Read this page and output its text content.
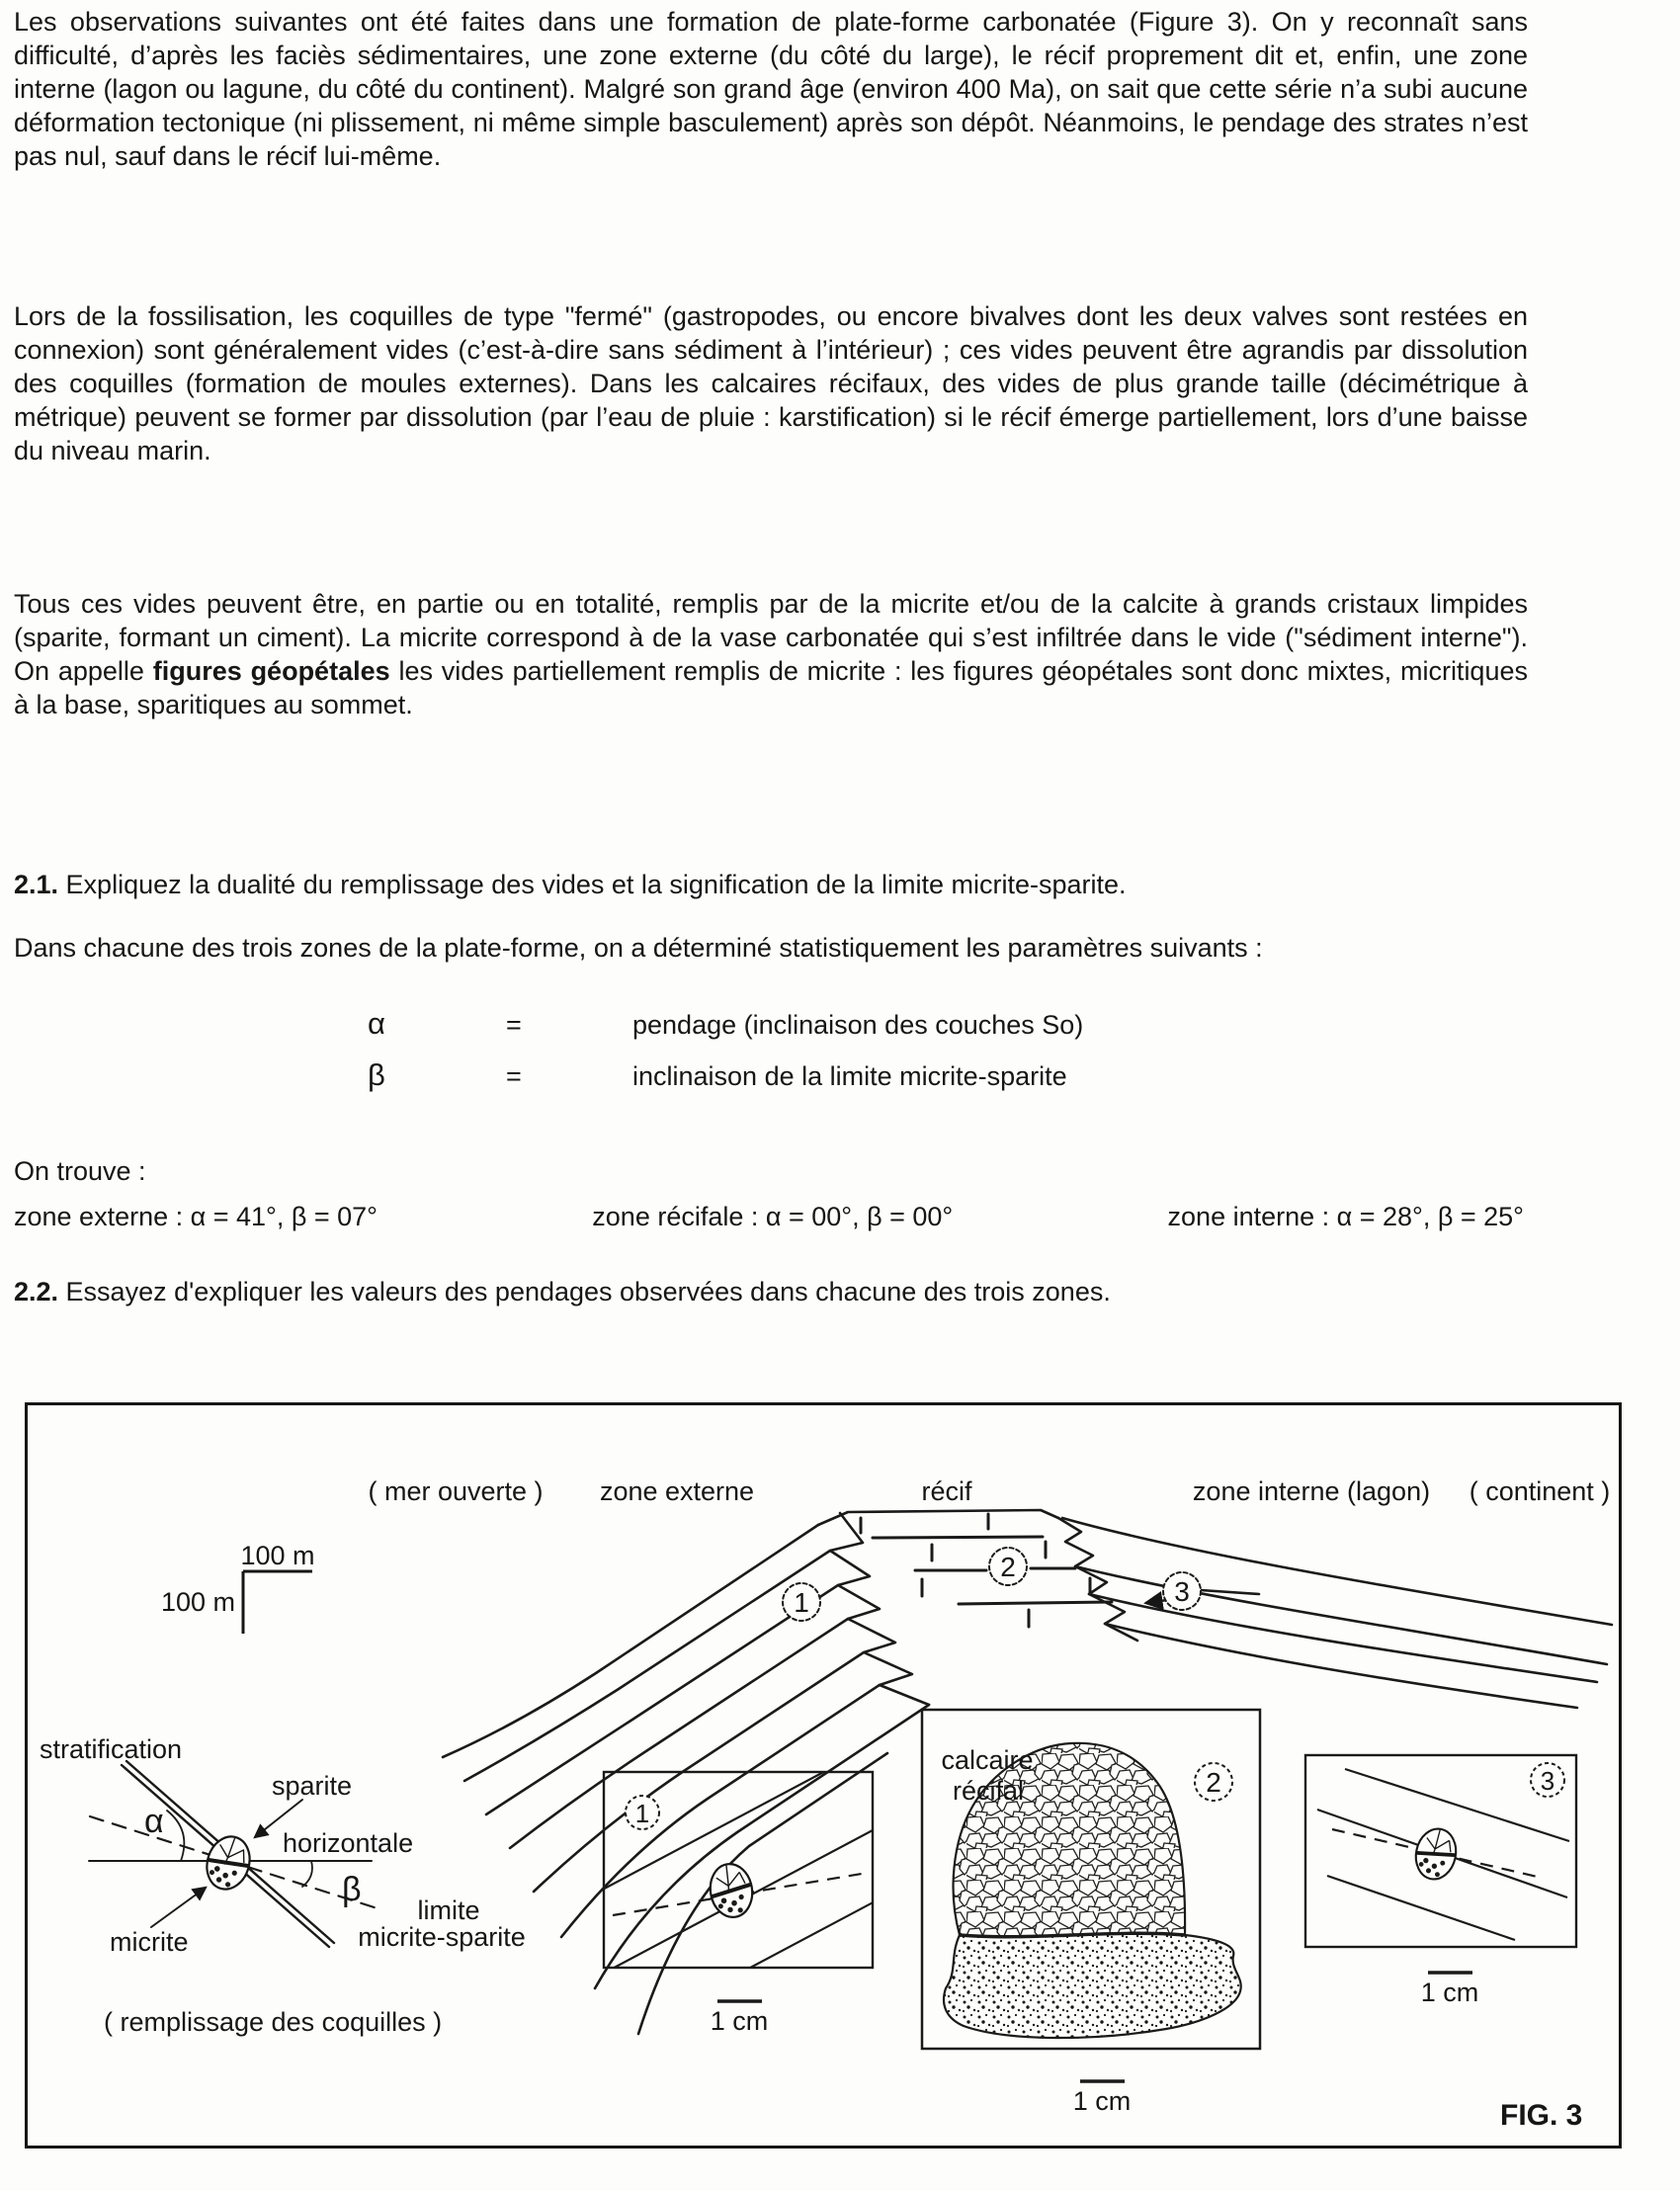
Les observations suivantes ont été faites dans une formation de plate-forme carbonatée (Figure 3). On y reconnaît sans difficulté, d’après les faciès sédimentaires, une zone externe (du côté du large), le récif proprement dit et, enfin, une zone interne (lagon ou lagune, du côté du continent). Malgré son grand âge (environ 400 Ma), on sait que cette série n’a subi aucune déformation tectonique (ni plissement, ni même simple basculement) après son dépôt. Néanmoins, le pendage des strates n’est pas nul, sauf dans le récif lui-même.

Lors de la fossilisation, les coquilles de type "fermé" (gastropodes, ou encore bivalves dont les deux valves sont restées en connexion) sont généralement vides (c’est-à-dire sans sédiment à l’intérieur) ; ces vides peuvent être agrandis par dissolution des coquilles (formation de moules externes). Dans les calcaires récifaux, des vides de plus grande taille (décimétrique à métrique) peuvent se former par dissolution (par l’eau de pluie : karstification) si le récif émerge partiellement, lors d’une baisse du niveau marin.

Tous ces vides peuvent être, en partie ou en totalité, remplis par de la micrite et/ou de la calcite à grands cristaux limpides (sparite, formant un ciment). La micrite correspond à de la vase carbonatée qui s’est infiltrée dans le vide ("sédiment interne"). On appelle figures géopétales les vides partiellement remplis de micrite : les figures géopétales sont donc mixtes, micritiques à la base, sparitiques au sommet.

2.1. Expliquez la dualité du remplissage des vides et la signification de la limite micrite-sparite.

Dans chacune des trois zones de la plate-forme, on a déterminé statistiquement les paramètres suivants :

α	=	pendage (inclinaison des couches So)
β	=	inclinaison de la limite micrite-sparite

On trouve :

zone externe : α = 41°, β = 07°	zone récifale : α = 00°, β = 00°	zone interne : α = 28°, β = 25°

2.2. Essayez d'expliquer les valeurs des pendages observées dans chacune des trois zones.

( mer ouverte ) zone externe	récif	zone interne (lagon) ( continent )
100 m
100 m	1
2
3
stratification
sparite
horizontale
α
β
micrite
limite
micrite-sparite
( remplissage des coquilles )
1
1 cm
calcaire
récifal	2
1 cm
3
1 cm
FIG. 3
